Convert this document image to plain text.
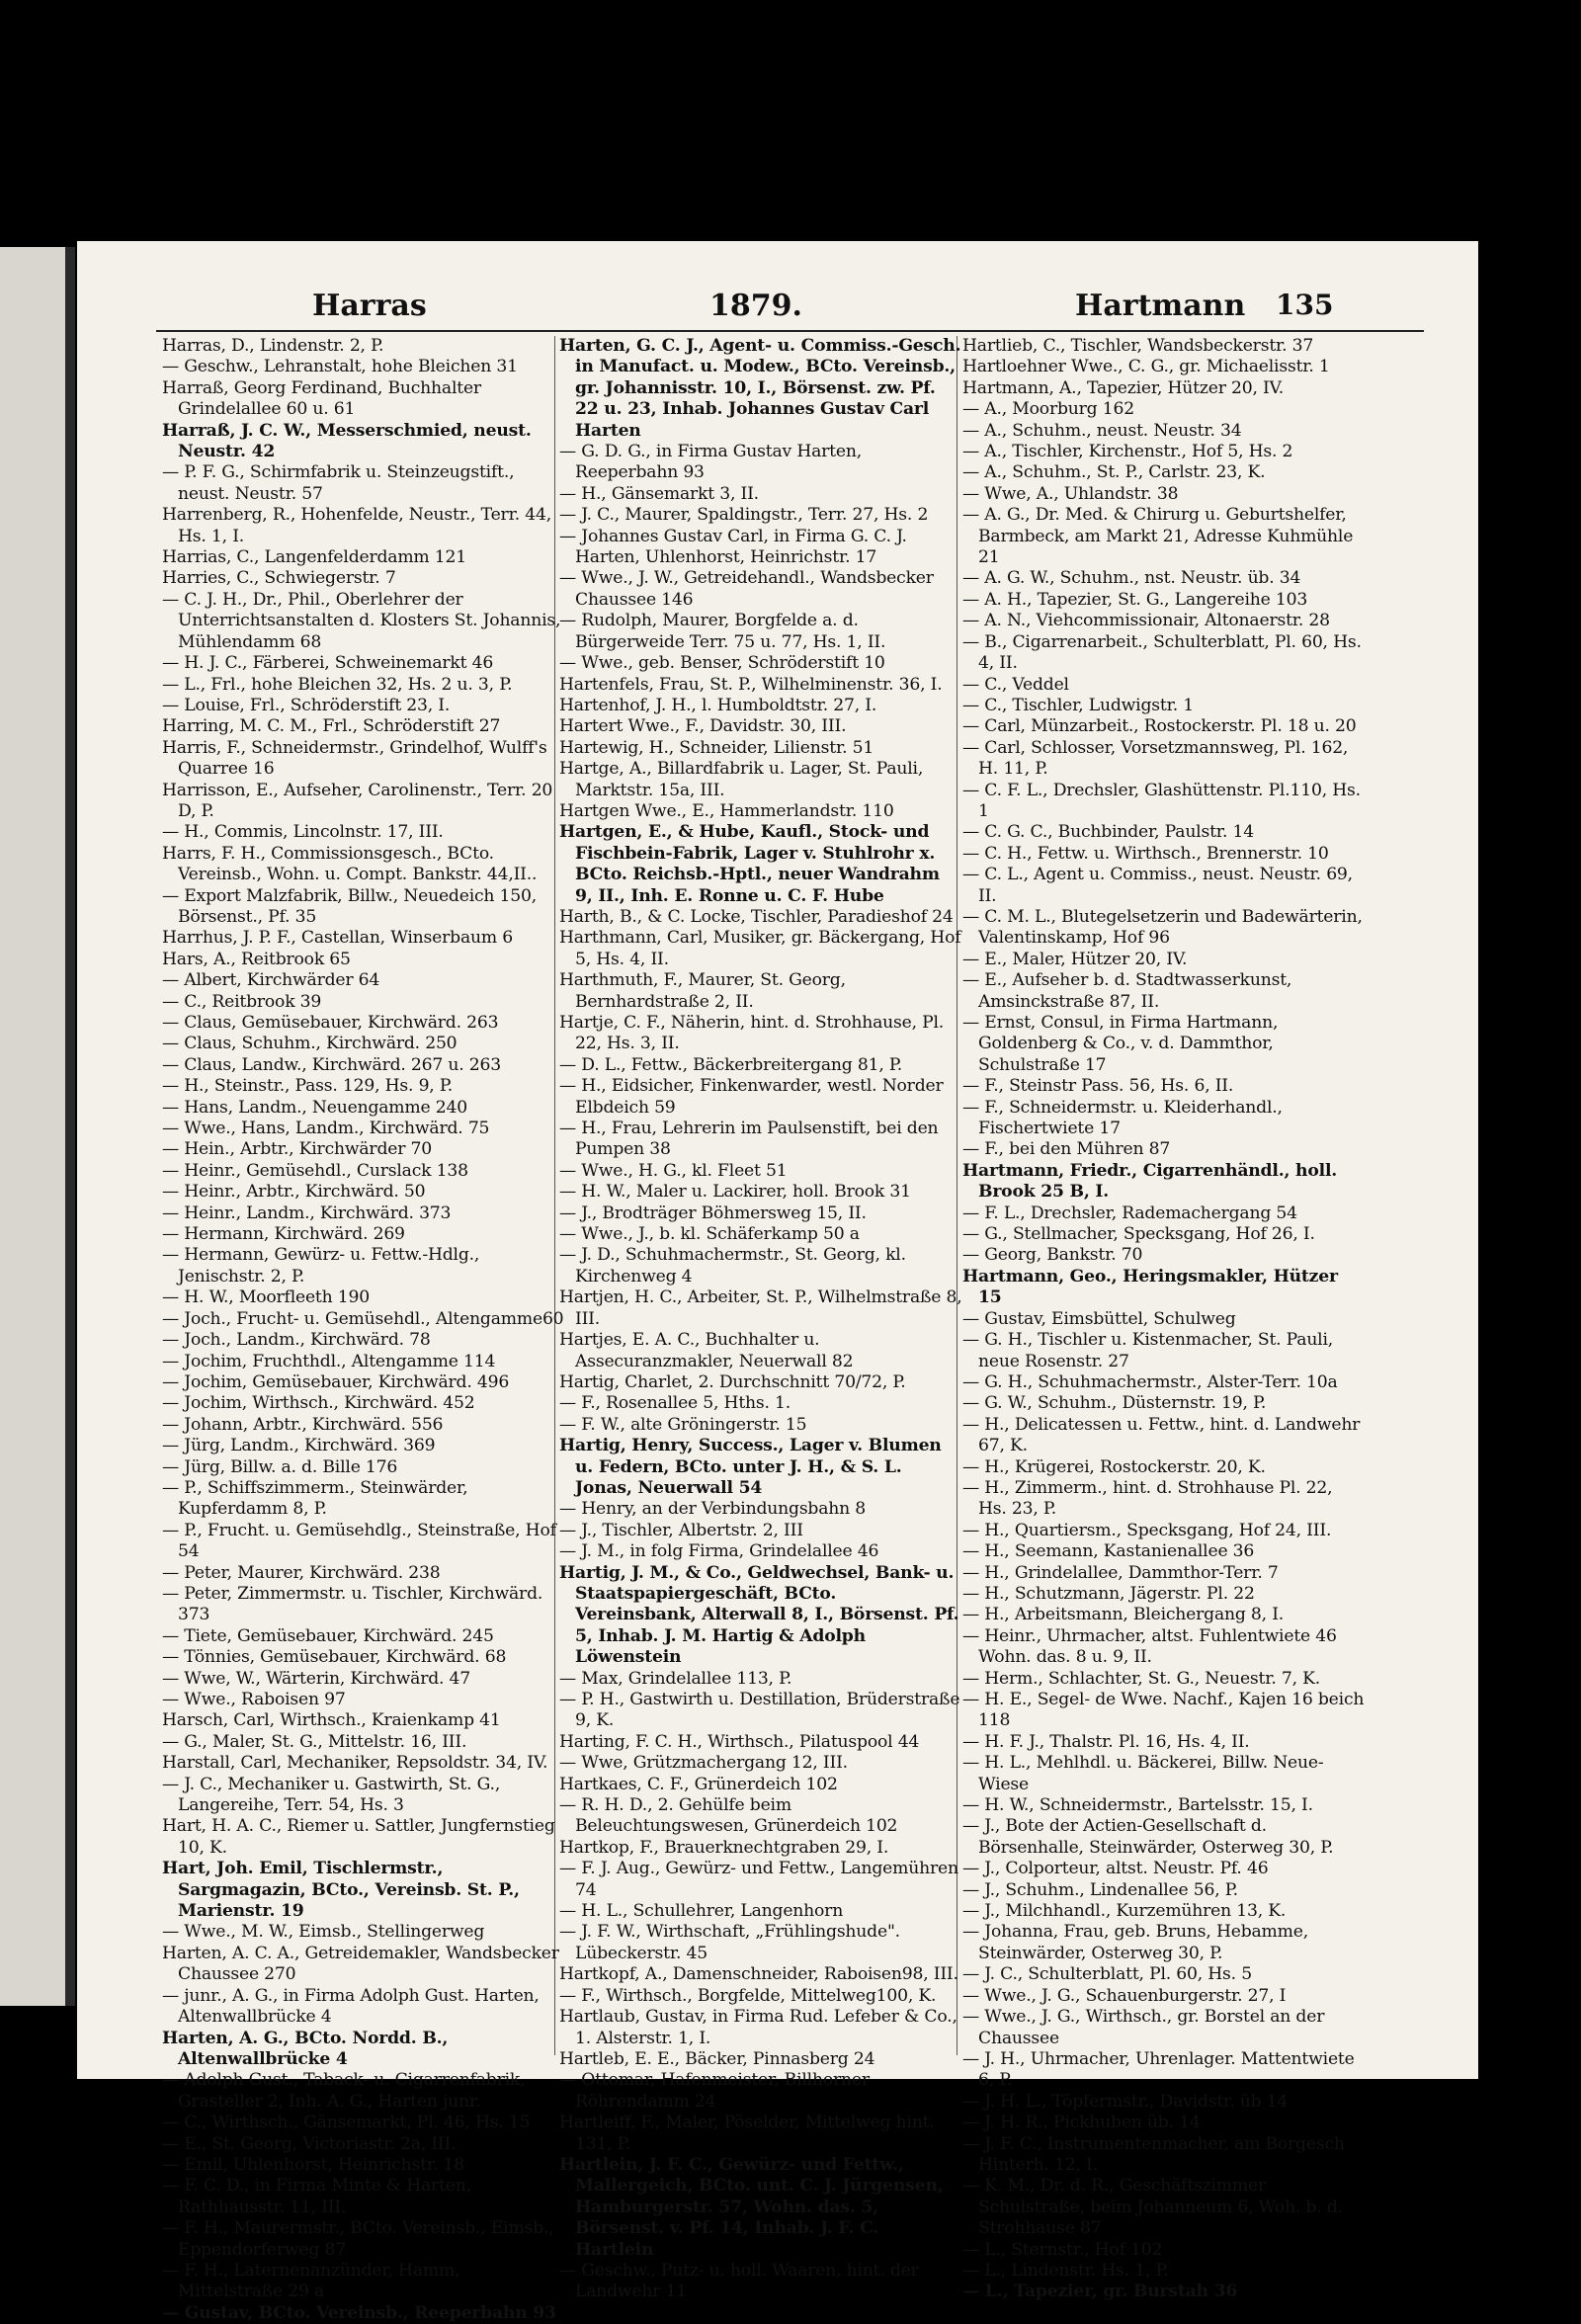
Harras	1879.	Hartmann 135

Harras, D., Lindenstr. 2, P.

— Geschw., Lehranstalt, hohe Bleichen 31

Harraß, Georg Ferdinand, Buchhalter Grindelallee 60 u. 61

Harraß, J. C. W., Messerschmied, neust. Neustr. 42

— P. F. G., Schirmfabrik u. Steinzeugstift., neust. Neustr. 57

Harrenberg, R., Hohenfelde, Neustr., Terr. 44, Hs. 1, I.

Harrias, C., Langenfelderdamm 121

Harries, C., Schwiegerstr. 7

— C. J. H., Dr., Phil., Oberlehrer der Unterrichtsanstalten d. Klosters St. Johannis, Mühlendamm 68

— H. J. C., Färberei, Schweinemarkt 46

— L., Frl., hohe Bleichen 32, Hs. 2 u. 3, P.

— Louise, Frl., Schröderstift 23, I.

Harring, M. C. M., Frl., Schröderstift 27

Harris, F., Schneidermstr., Grindelhof, Wulff's Quarree 16

Harrisson, E., Aufseher, Carolinenstr., Terr. 20 D, P.

— H., Commis, Lincolnstr. 17, III.

Harrs, F. H., Commissionsgesch., BCto. Vereinsb., Wohn. u. Compt. Bankstr. 44,II..

— Export Malzfabrik, Billw., Neuedeich 150, Börsenst., Pf. 35

Harrhus, J. P. F., Castellan, Winserbaum 6

Hars, A., Reitbrook 65

— Albert, Kirchwärder 64

— C., Reitbrook 39

— Claus, Gemüsebauer, Kirchwärd. 263

— Claus, Schuhm., Kirchwärd. 250

— Claus, Landw., Kirchwärd. 267 u. 263

— H., Steinstr., Pass. 129, Hs. 9, P.

— Hans, Landm., Neuengamme 240

— Wwe., Hans, Landm., Kirchwärd. 75

— Hein., Arbtr., Kirchwärder 70

— Heinr., Gemüsehdl., Curslack 138

— Heinr., Arbtr., Kirchwärd. 50

— Heinr., Landm., Kirchwärd. 373

— Hermann, Kirchwärd. 269

— Hermann, Gewürz- u. Fettw.-Hdlg., Jenischstr. 2, P.

— H. W., Moorfleeth 190

— Joch., Frucht- u. Gemüsehdl., Altengamme60

— Joch., Landm., Kirchwärd. 78

— Jochim, Fruchthdl., Altengamme 114

— Jochim, Gemüsebauer, Kirchwärd. 496

— Jochim, Wirthsch., Kirchwärd. 452

— Johann, Arbtr., Kirchwärd. 556

— Jürg, Landm., Kirchwärd. 369

— Jürg, Billw. a. d. Bille 176

— P., Schiffszimmerm., Steinwärder, Kupferdamm 8, P.

— P., Frucht. u. Gemüsehdlg., Steinstraße, Hof 54

— Peter, Maurer, Kirchwärd. 238

— Peter, Zimmermstr. u. Tischler, Kirchwärd. 373

— Tiete, Gemüsebauer, Kirchwärd. 245

— Tönnies, Gemüsebauer, Kirchwärd. 68

— Wwe, W., Wärterin, Kirchwärd. 47

— Wwe., Raboisen 97

Harsch, Carl, Wirthsch., Kraienkamp 41

— G., Maler, St. G., Mittelstr. 16, III.

Harstall, Carl, Mechaniker, Repsoldstr. 34, IV.

— J. C., Mechaniker u. Gastwirth, St. G., Langereihe, Terr. 54, Hs. 3

Hart, H. A. C., Riemer u. Sattler, Jungfernstieg 10, K.

Hart, Joh. Emil, Tischlermstr., Sargmagazin, BCto., Vereinsb. St. P., Marienstr. 19

— Wwe., M. W., Eimsb., Stellingerweg

Harten, A. C. A., Getreidemakler, Wandsbecker Chaussee 270

— junr., A. G., in Firma Adolph Gust. Harten, Altenwallbrücke 4

Harten, A. G., BCto. Nordd. B., Altenwallbrücke 4

— Adolph Gust., Taback- u. Cigarrenfabrik, Grasteller 2, Inh. A. G., Harten junr.

— C., Wirthsch., Gänsemarkt, Pl. 46, Hs. 15

— E., St. Georg, Victoriastr. 2a, III.

— Emil, Uhlenhorst, Heinrichstr. 18

— F. C. D., in Firma Minte & Harten, Rathhausstr. 11, III.

— F. H., Maurermstr., BCto. Vereinsb., Eimsb., Eppendorferweg 87

— F. H., Laternenanzünder, Hamm, Mittelstraße 29 a

— Gustav, BCto. Vereinsb., Reeperbahn 93

Harten, G. C. J., Agent- u. Commiss.-Gesch. in Manufact. u. Modew., BCto. Vereinsb., gr. Johannisstr. 10, I., Börsenst. zw. Pf. 22 u. 23, Inhab. Johannes Gustav Carl Harten

— G. D. G., in Firma Gustav Harten, Reeperbahn 93

— H., Gänsemarkt 3, II.

— J. C., Maurer, Spaldingstr., Terr. 27, Hs. 2

— Johannes Gustav Carl, in Firma G. C. J. Harten, Uhlenhorst, Heinrichstr. 17

— Wwe., J. W., Getreidehandl., Wandsbecker Chaussee 146

— Rudolph, Maurer, Borgfelde a. d. Bürgerweide Terr. 75 u. 77, Hs. 1, II.

— Wwe., geb. Benser, Schröderstift 10

Hartenfels, Frau, St. P., Wilhelminenstr. 36, I.

Hartenhof, J. H., l. Humboldtstr. 27, I.

Hartert Wwe., F., Davidstr. 30, III.

Hartewig, H., Schneider, Lilienstr. 51

Hartge, A., Billardfabrik u. Lager, St. Pauli, Marktstr. 15a, III.

Hartgen Wwe., E., Hammerlandstr. 110

Hartgen, E., & Hube, Kaufl., Stock- und Fischbein-Fabrik, Lager v. Stuhlrohr x. BCto. Reichsb.-Hptl., neuer Wandrahm 9, II., Inh. E. Ronne u. C. F. Hube

Harth, B., & C. Locke, Tischler, Paradieshof 24

Harthmann, Carl, Musiker, gr. Bäckergang, Hof 5, Hs. 4, II.

Harthmuth, F., Maurer, St. Georg, Bernhardstraße 2, II.

Hartje, C. F., Näherin, hint. d. Strohhause, Pl. 22, Hs. 3, II.

— D. L., Fettw., Bäckerbreitergang 81, P.

— H., Eidsicher, Finkenwarder, westl. Norder Elbdeich 59

— H., Frau, Lehrerin im Paulsenstift, bei den Pumpen 38

— Wwe., H. G., kl. Fleet 51

— H. W., Maler u. Lackirer, holl. Brook 31

— J., Brodträger Böhmersweg 15, II.

— Wwe., J., b. kl. Schäferkamp 50 a

— J. D., Schuhmachermstr., St. Georg, kl. Kirchenweg 4

Hartjen, H. C., Arbeiter, St. P., Wilhelmstraße 8, III.

Hartjes, E. A. C., Buchhalter u. Assecuranzmakler, Neuerwall 82

Hartig, Charlet, 2. Durchschnitt 70/72, P.

— F., Rosenallee 5, Hths. 1.

— F. W., alte Gröningerstr. 15

Hartig, Henry, Success., Lager v. Blumen u. Federn, BCto. unter J. H., & S. L. Jonas, Neuerwall 54

— Henry, an der Verbindungsbahn 8

— J., Tischler, Albertstr. 2, III

— J. M., in folg Firma, Grindelallee 46

Hartig, J. M., & Co., Geldwechsel, Bank- u. Staatspapiergeschäft, BCto. Vereinsbank, Alterwall 8, I., Börsenst. Pf. 5, Inhab. J. M. Hartig & Adolph Löwenstein

— Max, Grindelallee 113, P.

— P. H., Gastwirth u. Destillation, Brüderstraße 9, K.

Harting, F. C. H., Wirthsch., Pilatuspool 44

— Wwe, Grützmachergang 12, III.

Hartkaes, C. F., Grünerdeich 102

— R. H. D., 2. Gehülfe beim Beleuchtungswesen, Grünerdeich 102

Hartkop, F., Brauerknechtgraben 29, I.

— F. J. Aug., Gewürz- und Fettw., Langemühren 74

— H. L., Schullehrer, Langenhorn

— J. F. W., Wirthschaft, „Frühlingshude". Lübeckerstr. 45

Hartkopf, A., Damenschneider, Raboisen98, III.

— F., Wirthsch., Borgfelde, Mittelweg100, K.

Hartlaub, Gustav, in Firma Rud. Lefeber & Co., 1. Alsterstr. 1, I.

Hartleb, E. E., Bäcker, Pinnasberg 24

— Ottomar, Hafenmeister, Billhorner Röhrendamm 24

Hartleiff, F., Maler, Pöselder, Mittelweg hint. 131, P.

Hartlein, J. F. C., Gewürz- und Fettw., Mallergeich, BCto. unt. C. J. Jürgensen, Hamburgerstr. 57, Wohn. das. 5, Börsenst. v. Pf. 14, Inhab. J. F. C. Hartlein

— Geschw., Putz- u. holl. Waaren, hint. der Landwehr 11

Hartlieb, C., Tischler, Wandsbeckerstr. 37

Hartloehner Wwe., C. G., gr. Michaelisstr. 1

Hartmann, A., Tapezier, Hützer 20, IV.

— A., Moorburg 162

— A., Schuhm., neust. Neustr. 34

— A., Tischler, Kirchenstr., Hof 5, Hs. 2

— A., Schuhm., St. P., Carlstr. 23, K.

— Wwe, A., Uhlandstr. 38

— A. G., Dr. Med. & Chirurg u. Geburtshelfer, Barmbeck, am Markt 21, Adresse Kuhmühle 21

— A. G. W., Schuhm., nst. Neustr. üb. 34

— A. H., Tapezier, St. G., Langereihe 103

— A. N., Viehcommissionair, Altonaerstr. 28

— B., Cigarrenarbeit., Schulterblatt, Pl. 60, Hs. 4, II.

— C., Veddel

— C., Tischler, Ludwigstr. 1

— Carl, Münzarbeit., Rostockerstr. Pl. 18 u. 20

— Carl, Schlosser, Vorsetzmannsweg, Pl. 162, H. 11, P.

— C. F. L., Drechsler, Glashüttenstr. Pl.110, Hs. 1

— C. G. C., Buchbinder, Paulstr. 14

— C. H., Fettw. u. Wirthsch., Brennerstr. 10

— C. L., Agent u. Commiss., neust. Neustr. 69, II.

— C. M. L., Blutegelsetzerin und Badewärterin, Valentinskamp, Hof 96

— E., Maler, Hützer 20, IV.

— E., Aufseher b. d. Stadtwasserkunst, Amsinckstraße 87, II.

— Ernst, Consul, in Firma Hartmann, Goldenberg & Co., v. d. Dammthor, Schulstraße 17

— F., Steinstr Pass. 56, Hs. 6, II.

— F., Schneidermstr. u. Kleiderhandl., Fischertwiete 17

— F., bei den Mühren 87

Hartmann, Friedr., Cigarrenhändl., holl. Brook 25 B, I.

— F. L., Drechsler, Rademachergang 54

— G., Stellmacher, Specksgang, Hof 26, I.

— Georg, Bankstr. 70

Hartmann, Geo., Heringsmakler, Hützer 15

— Gustav, Eimsbüttel, Schulweg

— G. H., Tischler u. Kistenmacher, St. Pauli, neue Rosenstr. 27

— G. H., Schuhmachermstr., Alster-Terr. 10a

— G. W., Schuhm., Düsternstr. 19, P.

— H., Delicatessen u. Fettw., hint. d. Landwehr 67, K.

— H., Krügerei, Rostockerstr. 20, K.

— H., Zimmerm., hint. d. Strohhause Pl. 22, Hs. 23, P.

— H., Quartiersm., Specksgang, Hof 24, III.

— H., Seemann, Kastanienallee 36

— H., Grindelallee, Dammthor-Terr. 7

— H., Schutzmann, Jägerstr. Pl. 22

— H., Arbeitsmann, Bleichergang 8, I.

— Heinr., Uhrmacher, altst. Fuhlentwiete 46 Wohn. das. 8 u. 9, II.

— Herm., Schlachter, St. G., Neuestr. 7, K.

— H. E., Segel- de Wwe. Nachf., Kajen 16 beich 118

— H. F. J., Thalstr. Pl. 16, Hs. 4, II.

— H. L., Mehlhdl. u. Bäckerei, Billw. Neue-Wiese

— H. W., Schneidermstr., Bartelsstr. 15, I.

— J., Bote der Actien-Gesellschaft d. Börsenhalle, Steinwärder, Osterweg 30, P.

— J., Colporteur, altst. Neustr. Pf. 46

— J., Schuhm., Lindenallee 56, P.

— J., Milchhandl., Kurzemühren 13, K.

— Johanna, Frau, geb. Bruns, Hebamme, Steinwärder, Osterweg 30, P.

— J. C., Schulterblatt, Pl. 60, Hs. 5

— Wwe., J. G., Schauenburgerstr. 27, I

— Wwe., J. G., Wirthsch., gr. Borstel an der Chaussee

— J. H., Uhrmacher, Uhrenlager. Mattentwiete 6, P.

— J. H. L., Töpfermstr., Davidstr. üb 14

— J. H. R., Pickhuben üb. 14

— J. F. C., Instrumentenmacher, am Borgesch Hinterh. 12, I.

— K. M., Dr. d. R., Geschäftszimmer Schulstraße, beim Johanneum 6, Woh. b. d. Strohhause 87

— L., Sternstr., Hof 102

— L., Lindenstr. Hs. 1, P.

— L., Tapezier, gr. Burstah 36
